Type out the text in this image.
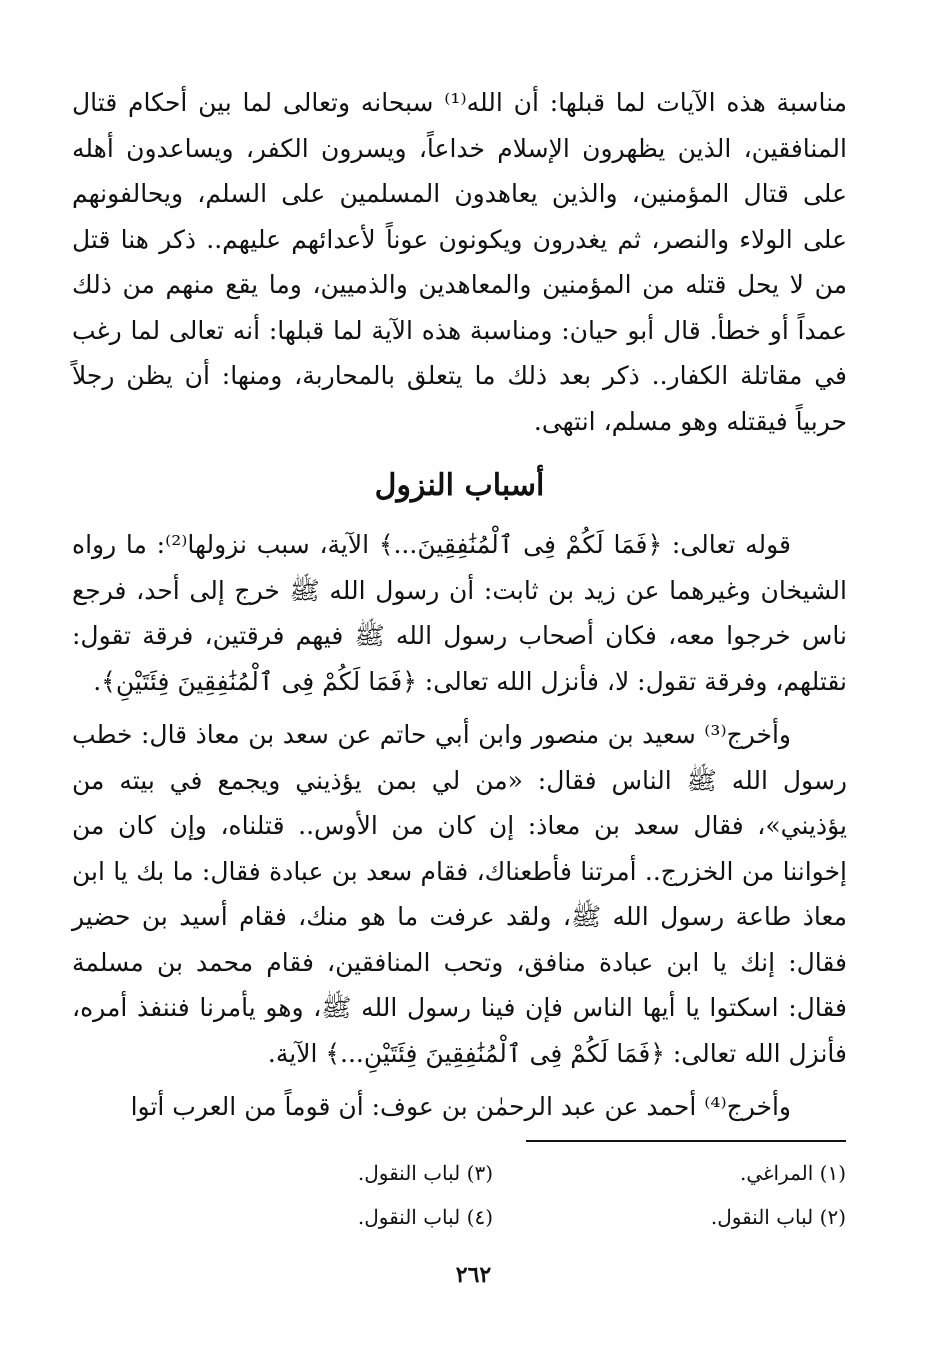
مناسبة هذه الآيات لما قبلها: أن الله⁽¹⁾ سبحانه وتعالى لما بين أحكام قتال المنافقين، الذين يظهرون الإسلام خداعاً، ويسرون الكفر، ويساعدون أهله على قتال المؤمنين، والذين يعاهدون المسلمين على السلم، ويحالفونهم على الولاء والنصر، ثم يغدرون ويكونون عوناً لأعدائهم عليهم.. ذكر هنا قتل من لا يحل قتله من المؤمنين والمعاهدين والذميين، وما يقع منهم من ذلك عمداً أو خطأ. قال أبو حيان: ومناسبة هذه الآية لما قبلها: أنه تعالى لما رغب في مقاتلة الكفار.. ذكر بعد ذلك ما يتعلق بالمحاربة، ومنها: أن يظن رجلاً حربياً فيقتله وهو مسلم، انتهى.

أسباب النزول

قوله تعالى: ﴿فَمَا لَكُمْ فِى ٱلْمُنَٰفِقِينَ...﴾ الآية، سبب نزولها⁽²⁾: ما رواه الشيخان وغيرهما عن زيد بن ثابت: أن رسول الله ﷺ خرج إلى أحد، فرجع ناس خرجوا معه، فكان أصحاب رسول الله ﷺ فيهم فرقتين، فرقة تقول: نقتلهم، وفرقة تقول: لا، فأنزل الله تعالى: ﴿فَمَا لَكُمْ فِى ٱلْمُنَٰفِقِينَ فِئَتَيْنِ﴾.

وأخرج⁽³⁾ سعيد بن منصور وابن أبي حاتم عن سعد بن معاذ قال: خطب رسول الله ﷺ الناس فقال: «من لي بمن يؤذيني ويجمع في بيته من يؤذيني»، فقال سعد بن معاذ: إن كان من الأوس.. قتلناه، وإن كان من إخواننا من الخزرج.. أمرتنا فأطعناك، فقام سعد بن عبادة فقال: ما بك يا ابن معاذ طاعة رسول الله ﷺ، ولقد عرفت ما هو منك، فقام أسيد بن حضير فقال: إنك يا ابن عبادة منافق، وتحب المنافقين، فقام محمد بن مسلمة فقال: اسكتوا يا أيها الناس فإن فينا رسول الله ﷺ، وهو يأمرنا فننفذ أمره، فأنزل الله تعالى: ﴿فَمَا لَكُمْ فِى ٱلْمُنَٰفِقِينَ فِئَتَيْنِ...﴾ الآية.

وأخرج⁽⁴⁾ أحمد عن عبد الرحمٰن بن عوف: أن قوماً من العرب أتوا

(١) المراغي.
(٣) لباب النقول.
(٢) لباب النقول.
(٤) لباب النقول.
٢٦٢
